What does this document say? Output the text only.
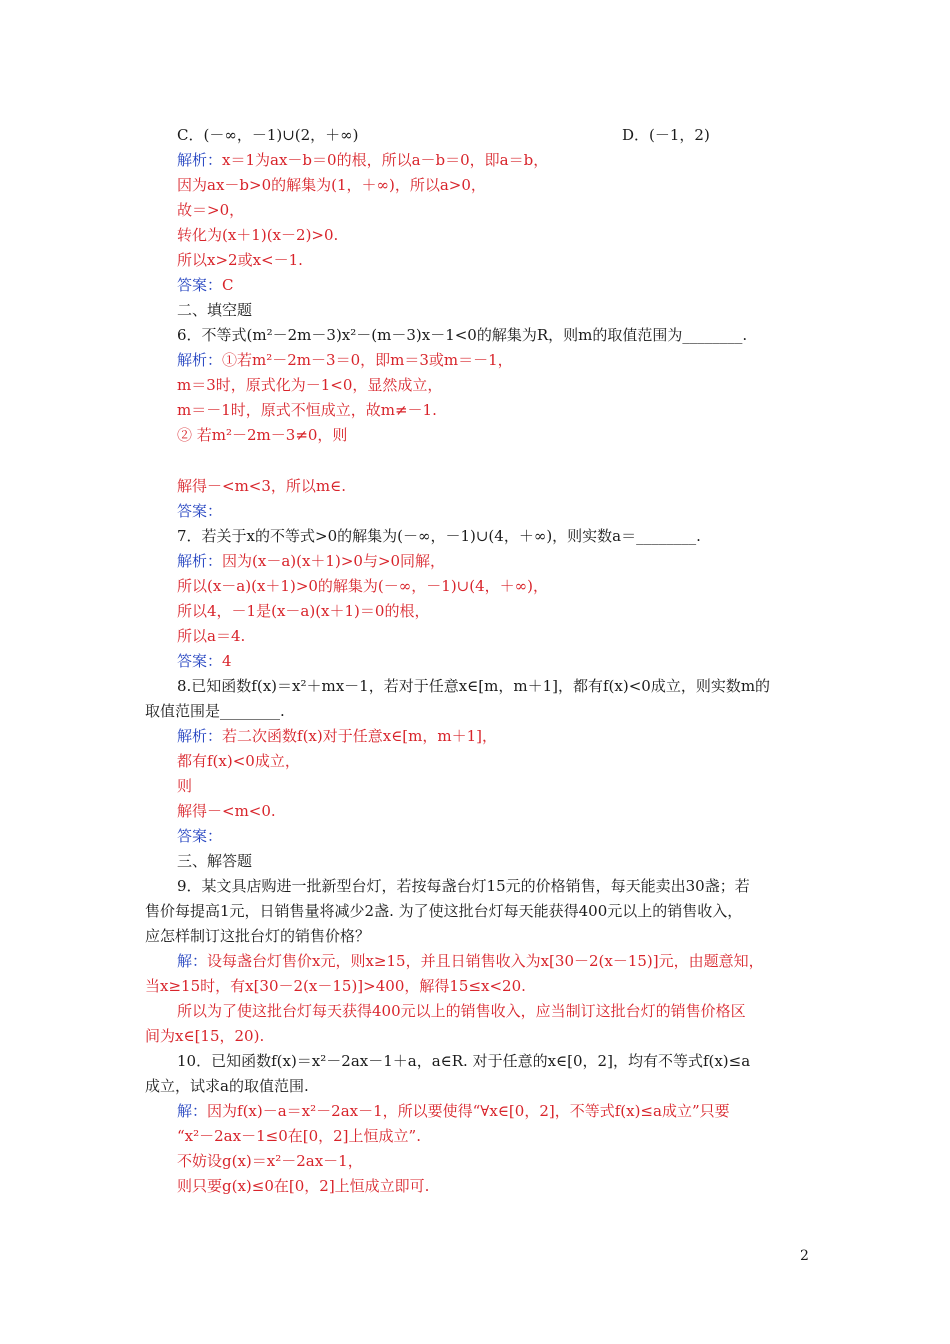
C．(－∞，－1)∪(2，＋∞)	D．(－1，2)
解析：x＝1为ax－b＝0的根，所以a－b＝0，即a＝b，
因为ax－b>0的解集为(1，＋∞)，所以a>0，
故＝>0，
转化为(x＋1)(x－2)>0.
所以x>2或x<－1.
答案：C
二、填空题
6．不等式(m²－2m－3)x²－(m－3)x－1<0的解集为R，则m的取值范围为________.
解析：①若m²－2m－3＝0，即m＝3或m＝－1，
m＝3时，原式化为－1<0，显然成立，
m＝－1时，原式不恒成立，故m≠－1.
② 若m²－2m－3≠0，则
解得－<m<3，所以m∈.
答案：
7．若关于x的不等式>0的解集为(－∞，－1)∪(4，＋∞)，则实数a＝________.
解析：因为(x－a)(x＋1)>0与>0同解，
所以(x－a)(x＋1)>0的解集为(－∞，－1)∪(4，＋∞)，
所以4，－1是(x－a)(x＋1)＝0的根，
所以a＝4.
答案：4
8.已知函数f(x)＝x²＋mx－1，若对于任意x∈[m，m＋1]，都有f(x)<0成立，则实数m的
取值范围是________.
解析：若二次函数f(x)对于任意x∈[m，m＋1]，
都有f(x)<0成立，
则
解得－<m<0.
答案：
三、解答题
9．某文具店购进一批新型台灯，若按每盏台灯15元的价格销售，每天能卖出30盏；若
售价每提高1元，日销售量将减少2盏. 为了使这批台灯每天能获得400元以上的销售收入，
应怎样制订这批台灯的销售价格？
解：设每盏台灯售价x元，则x≥15，并且日销售收入为x[30－2(x－15)]元，由题意知，
当x≥15时，有x[30－2(x－15)]>400，解得15≤x<20.
所以为了使这批台灯每天获得400元以上的销售收入，应当制订这批台灯的销售价格区
间为x∈[15，20).
10．已知函数f(x)＝x²－2ax－1＋a，a∈R. 对于任意的x∈[0，2]，均有不等式f(x)≤a
成立，试求a的取值范围.
解：因为f(x)－a＝x²－2ax－1，所以要使得“∀x∈[0，2]，不等式f(x)≤a成立”只要
“x²－2ax－1≤0在[0，2]上恒成立”.
不妨设g(x)＝x²－2ax－1，
则只要g(x)≤0在[0，2]上恒成立即可.
2
